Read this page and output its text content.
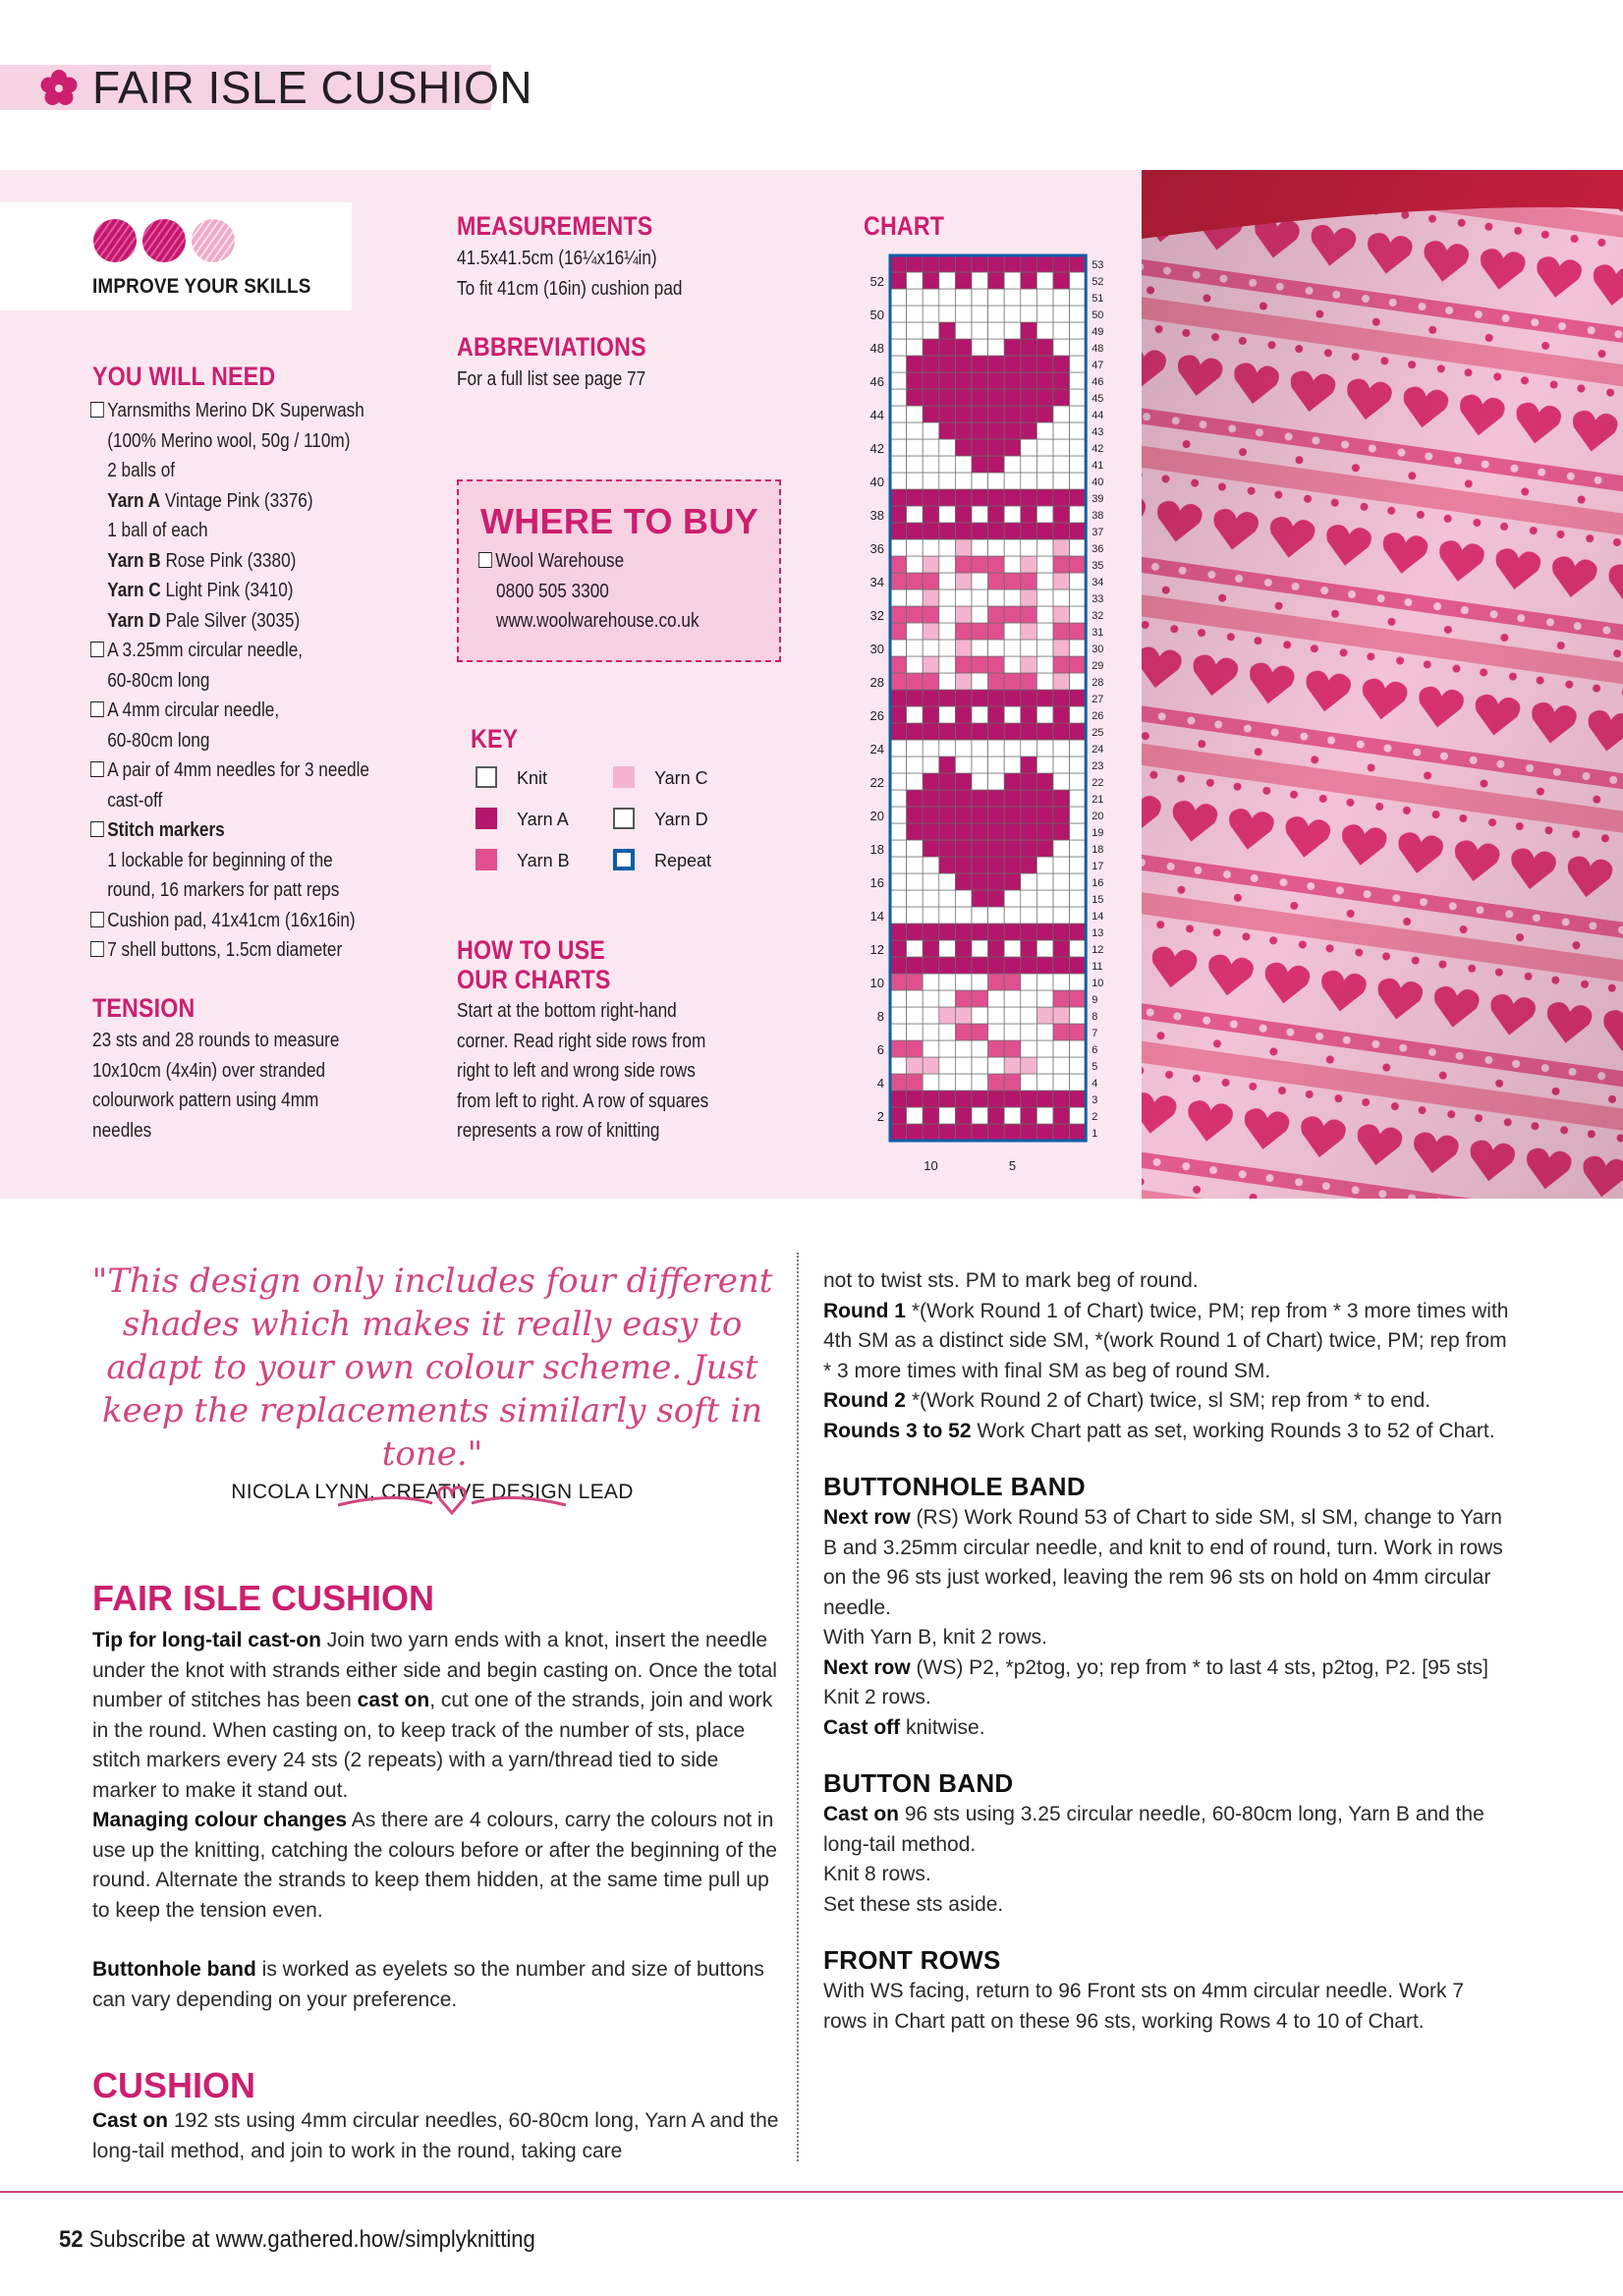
FAIR ISLE CUSHION
IMPROVE YOUR SKILLS
YOU WILL NEED
Yarnsmiths Merino DK Superwash
(100% Merino wool, 50g / 110m)
2 balls of
Yarn A Vintage Pink (3376)
1 ball of each
Yarn B Rose Pink (3380)
Yarn C Light Pink (3410)
Yarn D Pale Silver (3035)
A 3.25mm circular needle,
60-80cm long
A 4mm circular needle,
60-80cm long
A pair of 4mm needles for 3 needle
cast-off
Stitch markers
1 lockable for beginning of the
round, 16 markers for patt reps
Cushion pad, 41x41cm (16x16in)
7 shell buttons, 1.5cm diameter
TENSION
23 sts and 28 rounds to measure
10x10cm (4x4in) over stranded
colourwork pattern using 4mm
needles
MEASUREMENTS
41.5x41.5cm (16¼x16¼in)
To fit 41cm (16in) cushion pad
ABBREVIATIONS
For a full list see page 77
WHERE TO BUY
Wool Warehouse
0800 505 3300
www.woolwarehouse.co.uk
KEY
Knit	Yarn C
Yarn A	Yarn D
Yarn B	Repeat
HOW TO USE
OUR CHARTS
Start at the bottom right-hand
corner. Read right side rows from
right to left and wrong side rows
from left to right. A row of squares
represents a row of knitting
CHART
1
2
3
4
5
6
7
8
9
10
11
12
13
14
15
16
17
18
19
20
21
22
23
24
25
26
27
28
29
30
31
32
33
34
35
36
37
38
39
40
41
42
43
44
45
46
47
48
49
50
51
52
53
52
50
48
46
44
42
40
38
36
34
32
30
28
26
24
22
20
18
16
14
12
10
8
6
4
2
10	5
"This design only includes four different shades which makes it really easy to adapt to your own colour scheme. Just keep the replacements similarly soft in tone."
NICOLA LYNN, CREATIVE DESIGN LEAD
FAIR ISLE CUSHION
Tip for long-tail cast-on Join two yarn ends with a knot, insert the needle under the knot with strands either side and begin casting on. Once the total number of stitches has been cast on, cut one of the strands, join and work in the round. When casting on, to keep track of the number of sts, place stitch markers every 24 sts (2 repeats) with a yarn/thread tied to side marker to make it stand out.
Managing colour changes As there are 4 colours, carry the colours not in use up the knitting, catching the colours before or after the beginning of the round. Alternate the strands to keep them hidden, at the same time pull up to keep the tension even.
Buttonhole band is worked as eyelets so the number and size of buttons can vary depending on your preference.
CUSHION
Cast on 192 sts using 4mm circular needles, 60-80cm long, Yarn A and the long-tail method, and join to work in the round, taking care
not to twist sts. PM to mark beg of round.
Round 1 *(Work Round 1 of Chart) twice, PM; rep from * 3 more times with 4th SM as a distinct side SM, *(work Round 1 of Chart) twice, PM; rep from * 3 more times with final SM as beg of round SM.
Round 2 *(Work Round 2 of Chart) twice, sl SM; rep from * to end.
Rounds 3 to 52 Work Chart patt as set, working Rounds 3 to 52 of Chart.
BUTTONHOLE BAND
Next row (RS) Work Round 53 of Chart to side SM, sl SM, change to Yarn B and 3.25mm circular needle, and knit to end of round, turn. Work in rows on the 96 sts just worked, leaving the rem 96 sts on hold on 4mm circular needle.
With Yarn B, knit 2 rows.
Next row (WS) P2, *p2tog, yo; rep from * to last 4 sts, p2tog, P2. [95 sts]
Knit 2 rows.
Cast off knitwise.
BUTTON BAND
Cast on 96 sts using 3.25 circular needle, 60-80cm long, Yarn B and the long-tail method.
Knit 8 rows.
Set these sts aside.
FRONT ROWS
With WS facing, return to 96 Front sts on 4mm circular needle. Work 7 rows in Chart patt on these 96 sts, working Rows 4 to 10 of Chart.
52 Subscribe at www.gathered.how/simplyknitting
